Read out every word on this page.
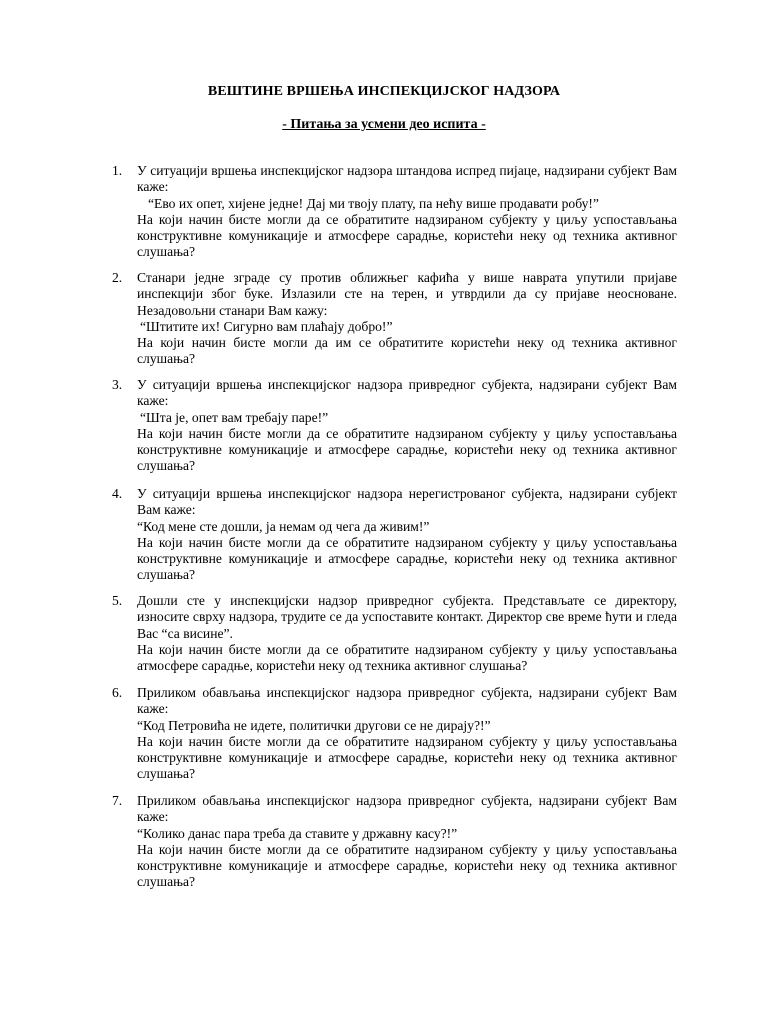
ВЕШТИНЕ ВРШЕЊА ИНСПЕКЦИЈСКОГ НАДЗОРА
- Питања за усмени део испита -
1.	У ситуацији вршења инспекцијског надзора штандова испред пијаце, надзирани субјект Вам каже:

“Ево их опет, хијене једне! Дај ми твоју плату, па нећу више продавати робу!”

На који начин бисте могли да се обратитите надзираном субјекту у циљу успостављања конструктивне комуникације и атмосфере сарадње, користећи неку од техника активног слушања?

2.	Станари једне зграде су против оближњег кафића у више наврата упутили пријаве инспекцији због буке. Излазили сте на терен, и утврдили да су пријаве неосноване. Незадовољни станари Вам кажу:

“Штитите их! Сигурно вам плаћају добро!”

На који начин бисте могли да им се обратитите користећи неку од техника активног слушања?

3.	У ситуацији вршења инспекцијског надзора привредног субјекта, надзирани субјект Вам каже:

“Шта је, опет вам требају паре!”

На који начин бисте могли да се обратитите надзираном субјекту у циљу успостављања конструктивне комуникације и атмосфере сарадње, користећи неку од техника активног слушања?

4.	У ситуацији вршења инспекцијског надзора нерегистрованог субјекта, надзирани субјект Вам каже:

“Код мене сте дошли, ја немам од чега да живим!”

На који начин бисте могли да се обратитите надзираном субјекту у циљу успостављања конструктивне комуникације и атмосфере сарадње, користећи неку од техника активног слушања?

5.	Дошли сте у инспекцијски надзор привредног субјекта. Представљате се директору, износите сврху надзора, трудите се да успоставите контакт. Директор све време ћути и гледа Вас “са висине”.

На који начин бисте могли да се обратитите надзираном субјекту у циљу успостављања атмосфере сарадње, користећи неку од техника активног слушања?

6.	Приликом обављања инспекцијског надзора привредног субјекта, надзирани субјект Вам каже:

“Код Петровића не идете, политички другови се не дирају?!”

На који начин бисте могли да се обратитите надзираном субјекту у циљу успостављања конструктивне комуникације и атмосфере сарадње, користећи неку од техника активног слушања?

7.	Приликом обављања инспекцијског надзора привредног субјекта, надзирани субјект Вам каже:

“Колико данас пара треба да ставите у државну касу?!”

На који начин бисте могли да се обратитите надзираном субјекту у циљу успостављања конструктивне комуникације и атмосфере сарадње, користећи неку од техника активног слушања?
